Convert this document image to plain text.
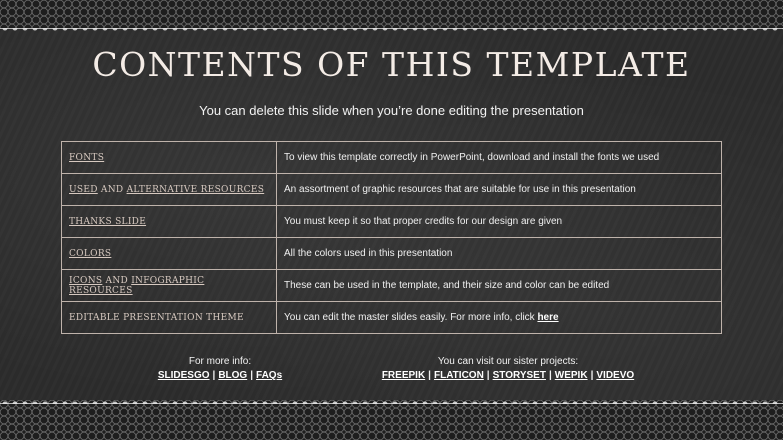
CONTENTS OF THIS TEMPLATE
You can delete this slide when you’re done editing the presentation
FONTS	To view this template correctly in PowerPoint, download and install the fonts we used
USED AND ALTERNATIVE RESOURCES	An assortment of graphic resources that are suitable for use in this presentation
THANKS SLIDE	You must keep it so that proper credits for our design are given
COLORS	All the colors used in this presentation
ICONS AND INFOGRAPHIC RESOURCES	These can be used in the template, and their size and color can be edited
EDITABLE PRESENTATION THEME	You can edit the master slides easily. For more info, click here
For more info:
SLIDESGO | BLOG | FAQs
You can visit our sister projects:
FREEPIK | FLATICON | STORYSET | WEPIK | VIDEVO
